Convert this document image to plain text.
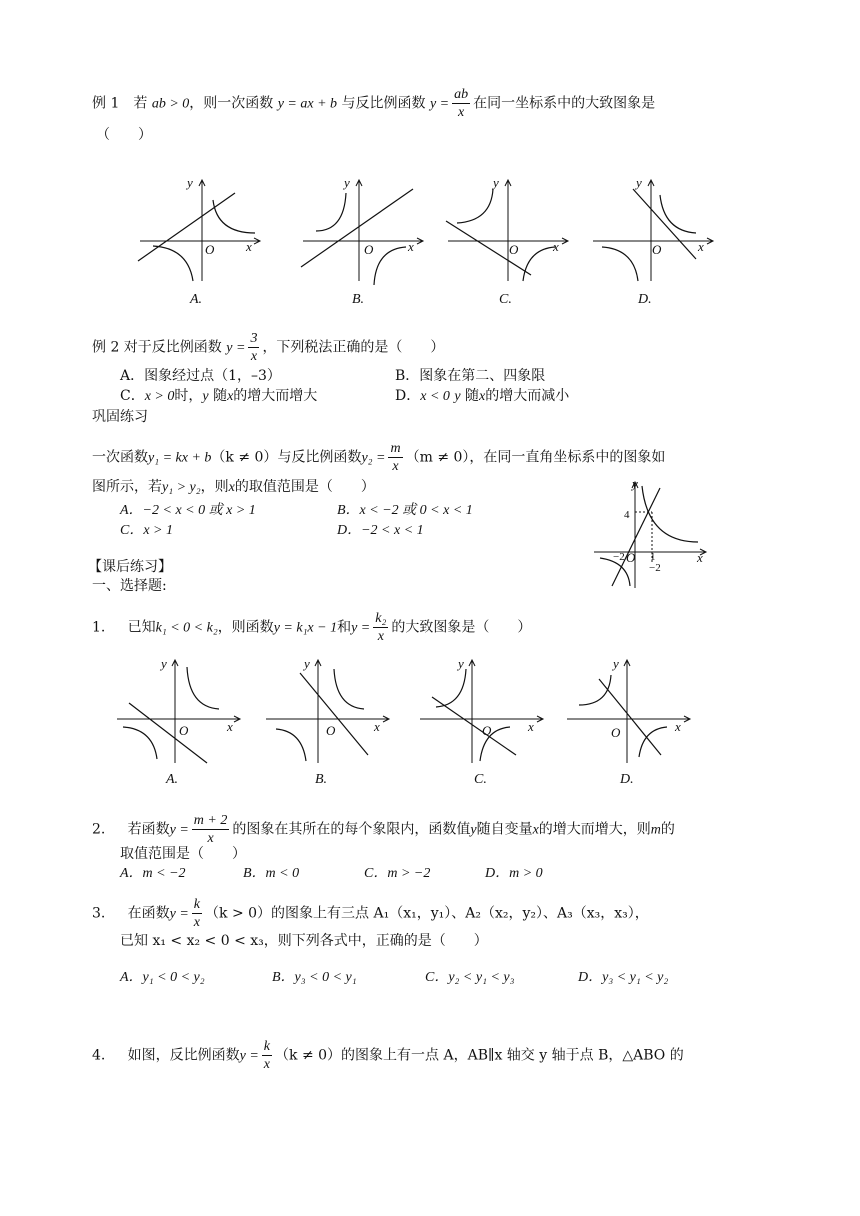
例 1　若 ab > 0，则一次函数 y = ax + b 与反比例函数 $y = \frac{ab}{x}$ 在同一坐标系中的大致图象是
（　　）
y
x
O
y
x
O
y
x
O
y
x
O
A.	B.	C.	D.
例 2 对于反比例函数 $y = \frac{3}{x}$ ，下列税法正确的是（　　）
A．图象经过点（1，–3）	B．图象在第二、四象限
C．x > 0时，y 随x的增大而增大	D．x < 0 y 随x的增大而减小
巩固练习
一次函数y₁ = kx + b（k ≠ 0）与反比例函数$y_2 = \frac{m}{x} (m \ne 0)$，在同一直角坐标系中的图象如
图所示，若y₁ > y₂，则x的取值范围是（　　）
A．−2 < x < 0 或 x > 1	B．x < −2 或 0 < x < 1
C．x > 1	D．−2 < x < 1
y
x
4
−2 1
−2
O
【课后练习】
一、选择题:
1. 已知k₁ < 0 < k₂，则函数y = k₁x − 1和$y = \frac{\text{k₂}}{x}$ 的大致图象是（　　）
y
x
O
y
x
O
y
x
O
y
x
O
A.	B.	C.	D.
2. 若函数$y = \frac{m + 2}{x}$ 的图象在其所在的每个象限内，函数值y随自变量x的增大而增大，则m的
取值范围是（　　）
A．m < −2	B．m < 0	C．m > −2	D．m > 0
3. 在函数$y = \frac{k}{x} (k > 0)$的图象上有三点 A₁（x₁，y₁）、A₂（x₂，y₂）、A₃（x₃，x₃），
已知 x₁ < x₂ < 0 < x₃，则下列各式中，正确的是（　　）
A．y₁ < 0 < y₂	B．y₃ < 0 < y₁	C．y₂ < y₁ < y₃	D．y₃ < y₁ < y₂
4. 如图，反比例函数$y = \frac{k}{x} (k \ne 0)$的图象上有一点 A，AB∥x 轴交 y 轴于点 B，△ABO 的
